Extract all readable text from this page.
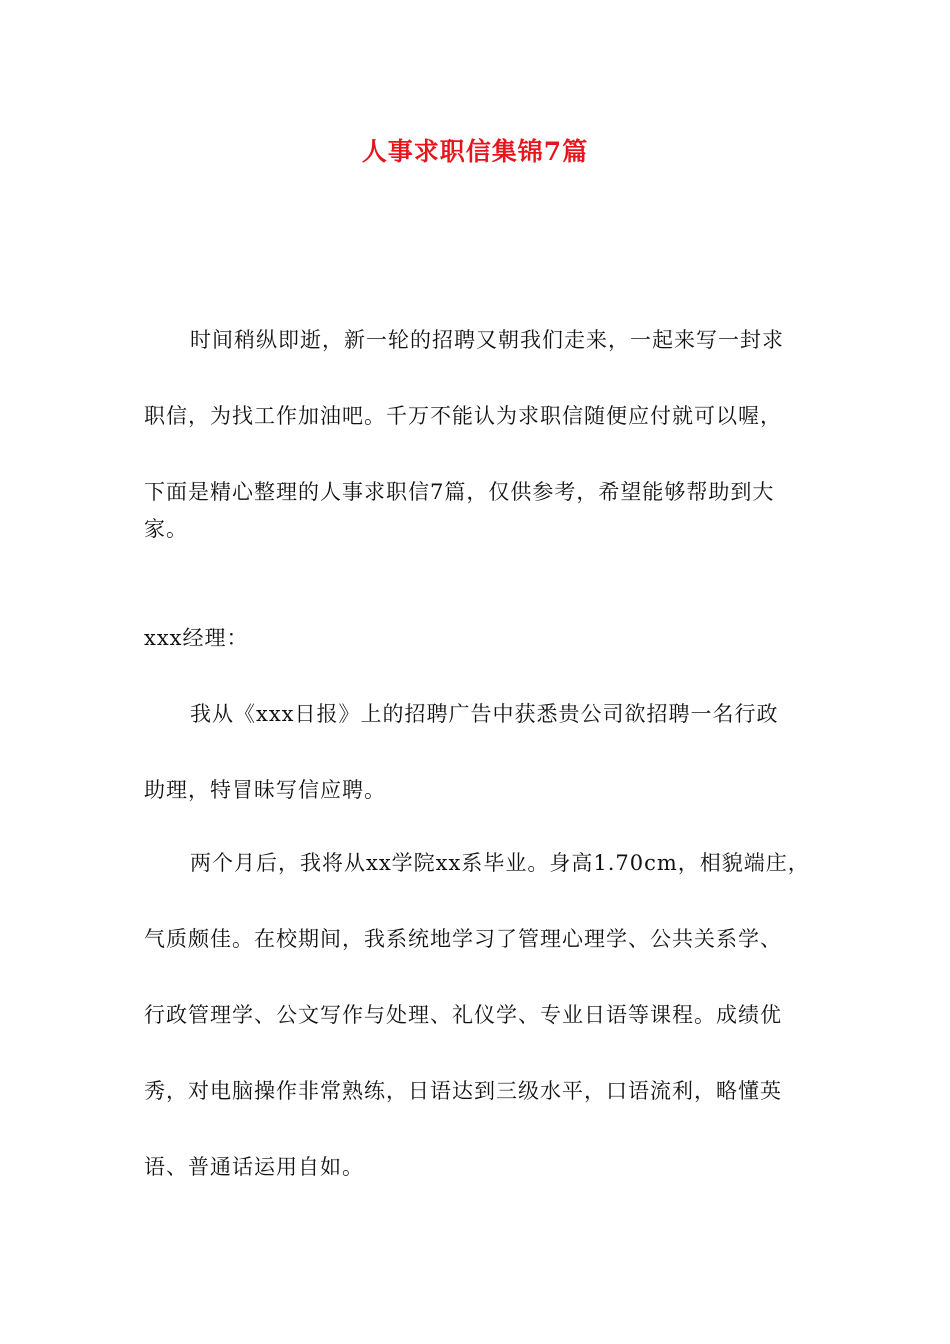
人事求职信集锦7篇
时间稍纵即逝，新一轮的招聘又朝我们走来，一起来写一封求
职信，为找工作加油吧。千万不能认为求职信随便应付就可以喔，
下面是精心整理的人事求职信7篇，仅供参考，希望能够帮助到大
家。
xxx经理：
我从《xxx日报》上的招聘广告中获悉贵公司欲招聘一名行政
助理，特冒昧写信应聘。
两个月后，我将从xx学院xx系毕业。身高1.70cm，相貌端庄，
气质颇佳。在校期间，我系统地学习了管理心理学、公共关系学、
行政管理学、公文写作与处理、礼仪学、专业日语等课程。成绩优
秀，对电脑操作非常熟练，日语达到三级水平，口语流利，略懂英
语、普通话运用自如。
